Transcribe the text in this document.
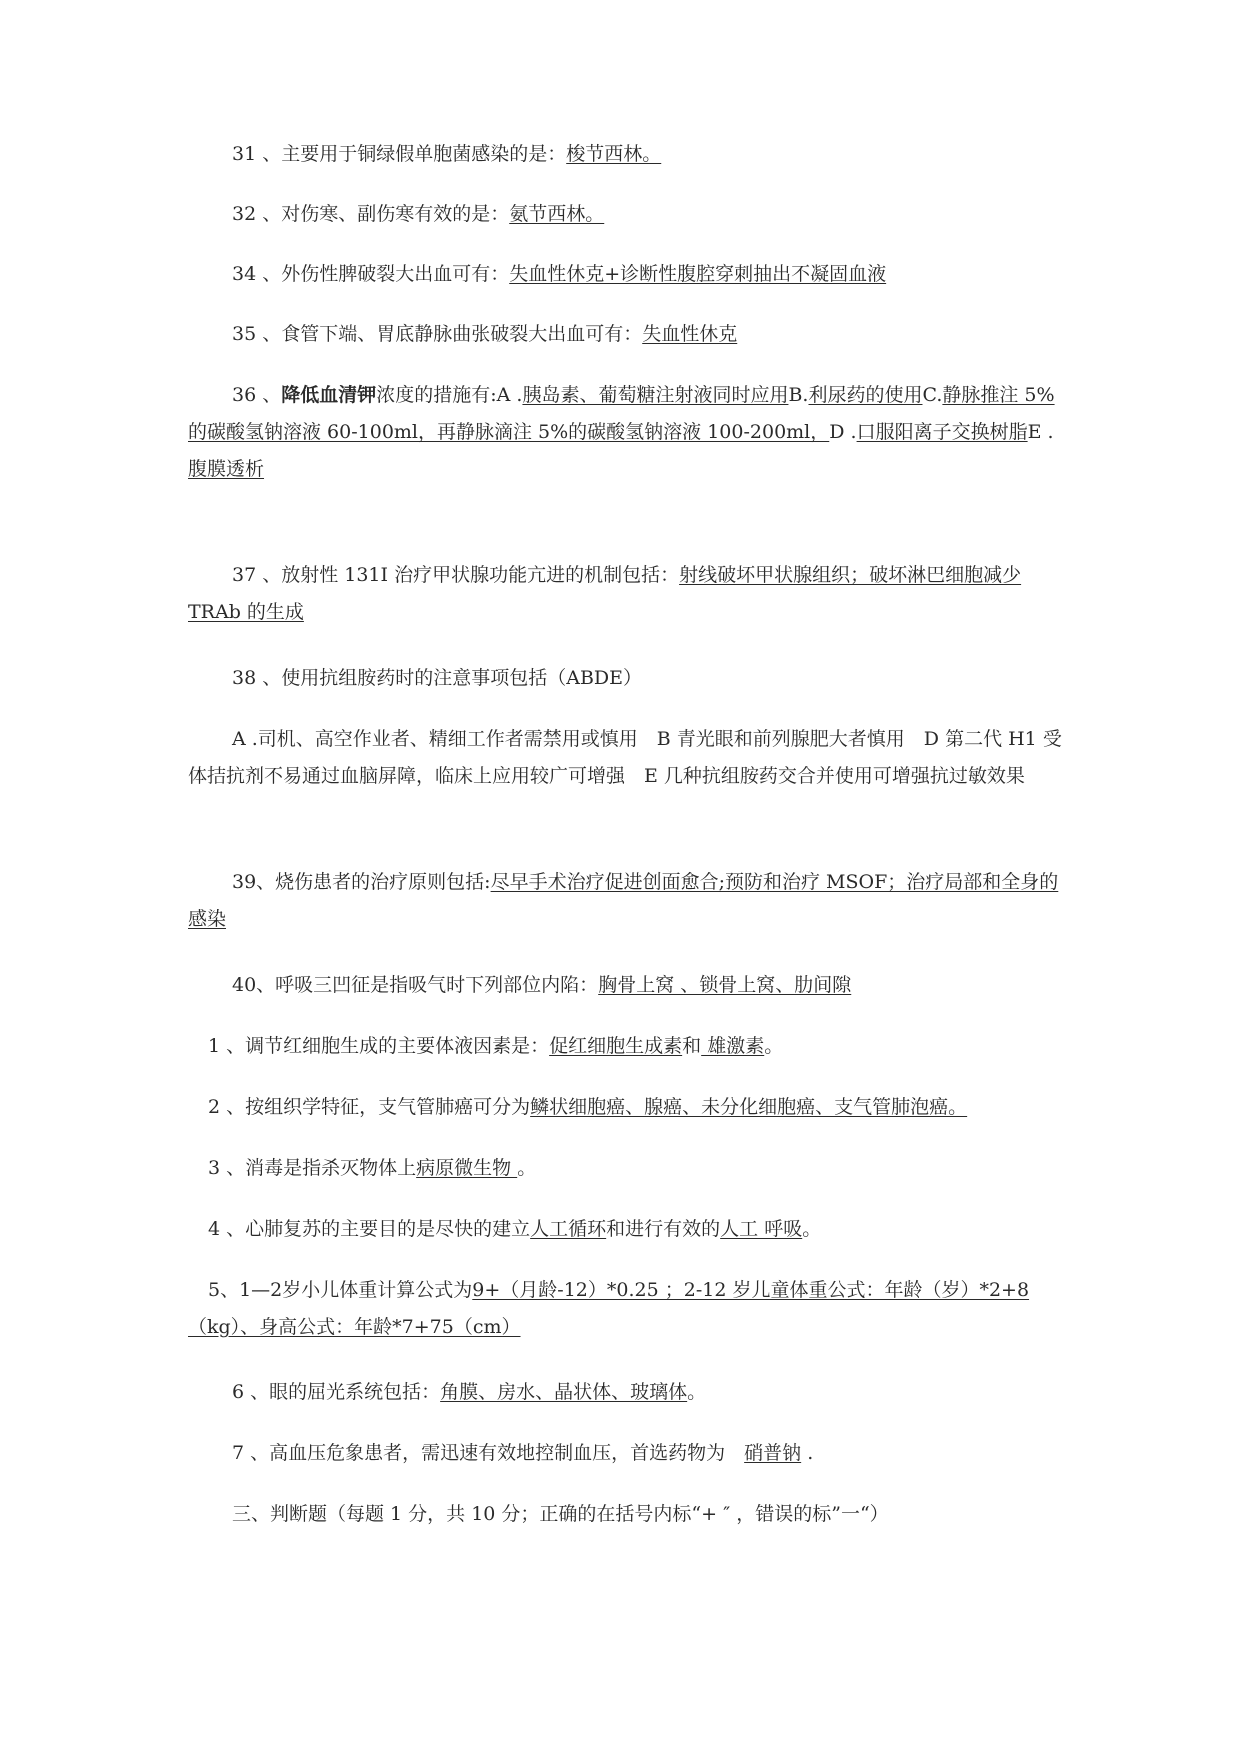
31 、主要用于铜绿假单胞菌感染的是：梭节西林。

32 、对伤寒、副伤寒有效的是：氨节西林。

34 、外伤性脾破裂大出血可有：失血性休克+诊断性腹腔穿刺抽出不凝固血液

35 、食管下端、胃底静脉曲张破裂大出血可有：失血性休克

36 、降低血清钾浓度的措施有:A .胰岛素、葡萄糖注射液同时应用B.利尿药的使用C.静脉推注 5%的碳酸氢钠溶液 60-100ml，再静脉滴注 5%的碳酸氢钠溶液 100-200ml，D .口服阳离子交换树脂E .腹膜透析

37 、放射性 131I 治疗甲状腺功能亢进的机制包括：射线破坏甲状腺组织；破坏淋巴细胞减少 TRAb 的生成

38 、使用抗组胺药时的注意事项包括（ABDE）

A .司机、高空作业者、精细工作者需禁用或慎用　B 青光眼和前列腺肥大者慎用　D 第二代 H1 受体拮抗剂不易通过血脑屏障，临床上应用较广可增强　E 几种抗组胺药交合并使用可增强抗过敏效果

39、烧伤患者的治疗原则包括:尽早手术治疗促进创面愈合;预防和治疗 MSOF；治疗局部和全身的感染

40、呼吸三凹征是指吸气时下列部位内陷：胸骨上窝 、锁骨上窝、肋间隙

1 、调节红细胞生成的主要体液因素是：促红细胞生成素和 雄激素。

2 、按组织学特征，支气管肺癌可分为鳞状细胞癌、腺癌、未分化细胞癌、支气管肺泡癌。

3 、消毒是指杀灭物体上病原微生物 。

4 、心肺复苏的主要目的是尽快的建立人工循环和进行有效的人工 呼吸。

5、1—2岁小儿体重计算公式为9+（月龄-12）*0.25 ；2-12 岁儿童体重公式：年龄（岁）*2+8（kg）、身高公式：年龄*7+75（cm）

6 、眼的屈光系统包括：角膜、房水、晶状体、玻璃体。

7 、高血压危象患者，需迅速有效地控制血压，首选药物为　硝普钠 .

三、判断题（每题 1 分，共 10 分；正确的在括号内标“+ ″ ，错误的标”一“）
